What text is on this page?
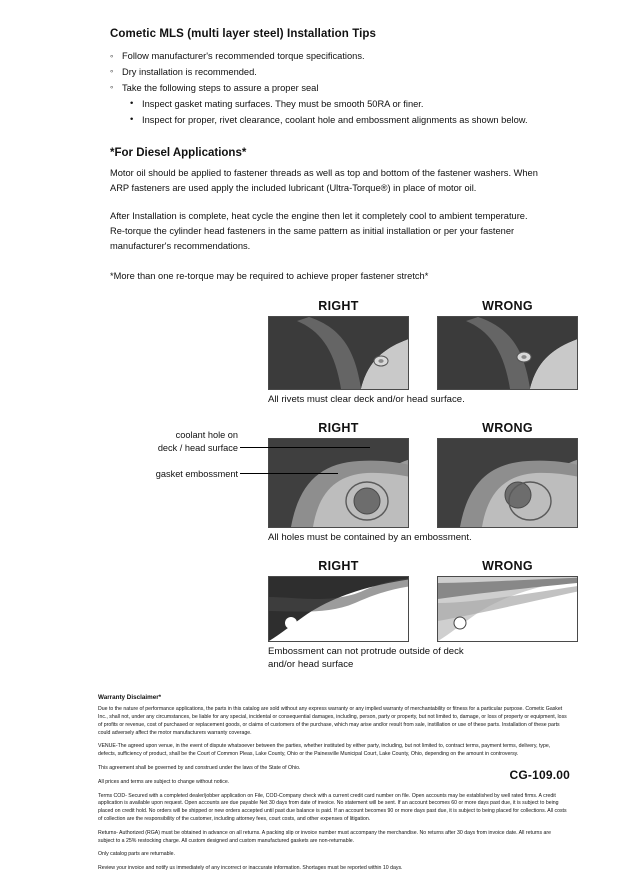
Cometic MLS (multi layer steel) Installation Tips
◦ Follow manufacturer's recommended torque specifications.
◦ Dry installation is recommended.
◦ Take the following steps to assure a proper seal
• Inspect gasket mating surfaces. They must be smooth 50RA or finer.
• Inspect for proper, rivet clearance, coolant hole and embossment alignments as shown below.
*For Diesel Applications*

Motor oil should be applied to fastener threads as well as top and bottom of the fastener washers. When ARP fasteners are used apply the included lubricant (Ultra-Torque®) in place of motor oil.

After Installation is complete, heat cycle the engine then let it completely cool to ambient temperature. Re-torque the cylinder head fasteners in the same pattern as initial installation or per your fastener manufacturer's recommendations.

*More than one re-torque may be required to achieve proper fastener stretch*

RIGHT	WRONG
All rivets must clear deck and/or head surface.
RIGHT	WRONG
All holes must be contained by an embossment.
coolant hole on
deck / head surface
gasket embossment
RIGHT	WRONG
Embossment can not protrude outside of deck
and/or head surface
Warranty Disclaimer*

Due to the nature of performance applications, the parts in this catalog are sold without any express warranty or any implied warranty of merchantability or fitness for a particular purpose. Cometic Gasket Inc., shall not, under any circumstances, be liable for any special, incidental or consequential damages, including, person, party or property, but not limited to, damage, or loss of property or equipment, loss of profits or revenue, cost of purchased or replacement goods, or claims of customers of the purchase, which may arise and/or result from sale, instillation or use of these parts. Installation of these parts could adversely affect the motor manufacturers warranty coverage.

VENUE-The agreed upon venue, in the event of dispute whatsoever between the parties, whether instituted by either party, including, but not limited to, contract terms, payment terms, delivery, type, defects, sufficiency of product, shall be the Court of Common Pleas, Lake County, Ohio or the Painesville Municipal Court, Lake County, Ohio, depending on the amount in controversy.

This agreement shall be governed by and construed under the laws of the State of Ohio.

All prices and terms are subject to change without notice.

Terms COD- Secured with a completed dealer/jobber application on File, COD-Company check with a current credit card number on file. Open accounts may be established by well rated firms. A credit application is available upon request. Open accounts are due payable Net 30 days from date of invoice. No statement will be sent. If an account becomes 60 or more days past due, it is subject to being placed on credit hold. No orders will be shipped or new orders accepted until past due balance is paid. If an account becomes 90 or more days past due, it is subject to being placed for collections. All costs of collection are the responsibility of the customer, including attorney fees, court costs, and other expenses of litigation.

Returns- Authorized (RGA) must be obtained in advance on all returns. A packing slip or invoice number must accompany the merchandise. No returns after 30 days from invoice date. All returns are subject to a 25% restocking charge. All custom designed and custom manufactured gaskets are non-returnable.

Only catalog parts are returnable.

Review your invoice and notify us immediately of any incorrect or inaccurate information. Shortages must be reported within 10 days.

CG-109.00
